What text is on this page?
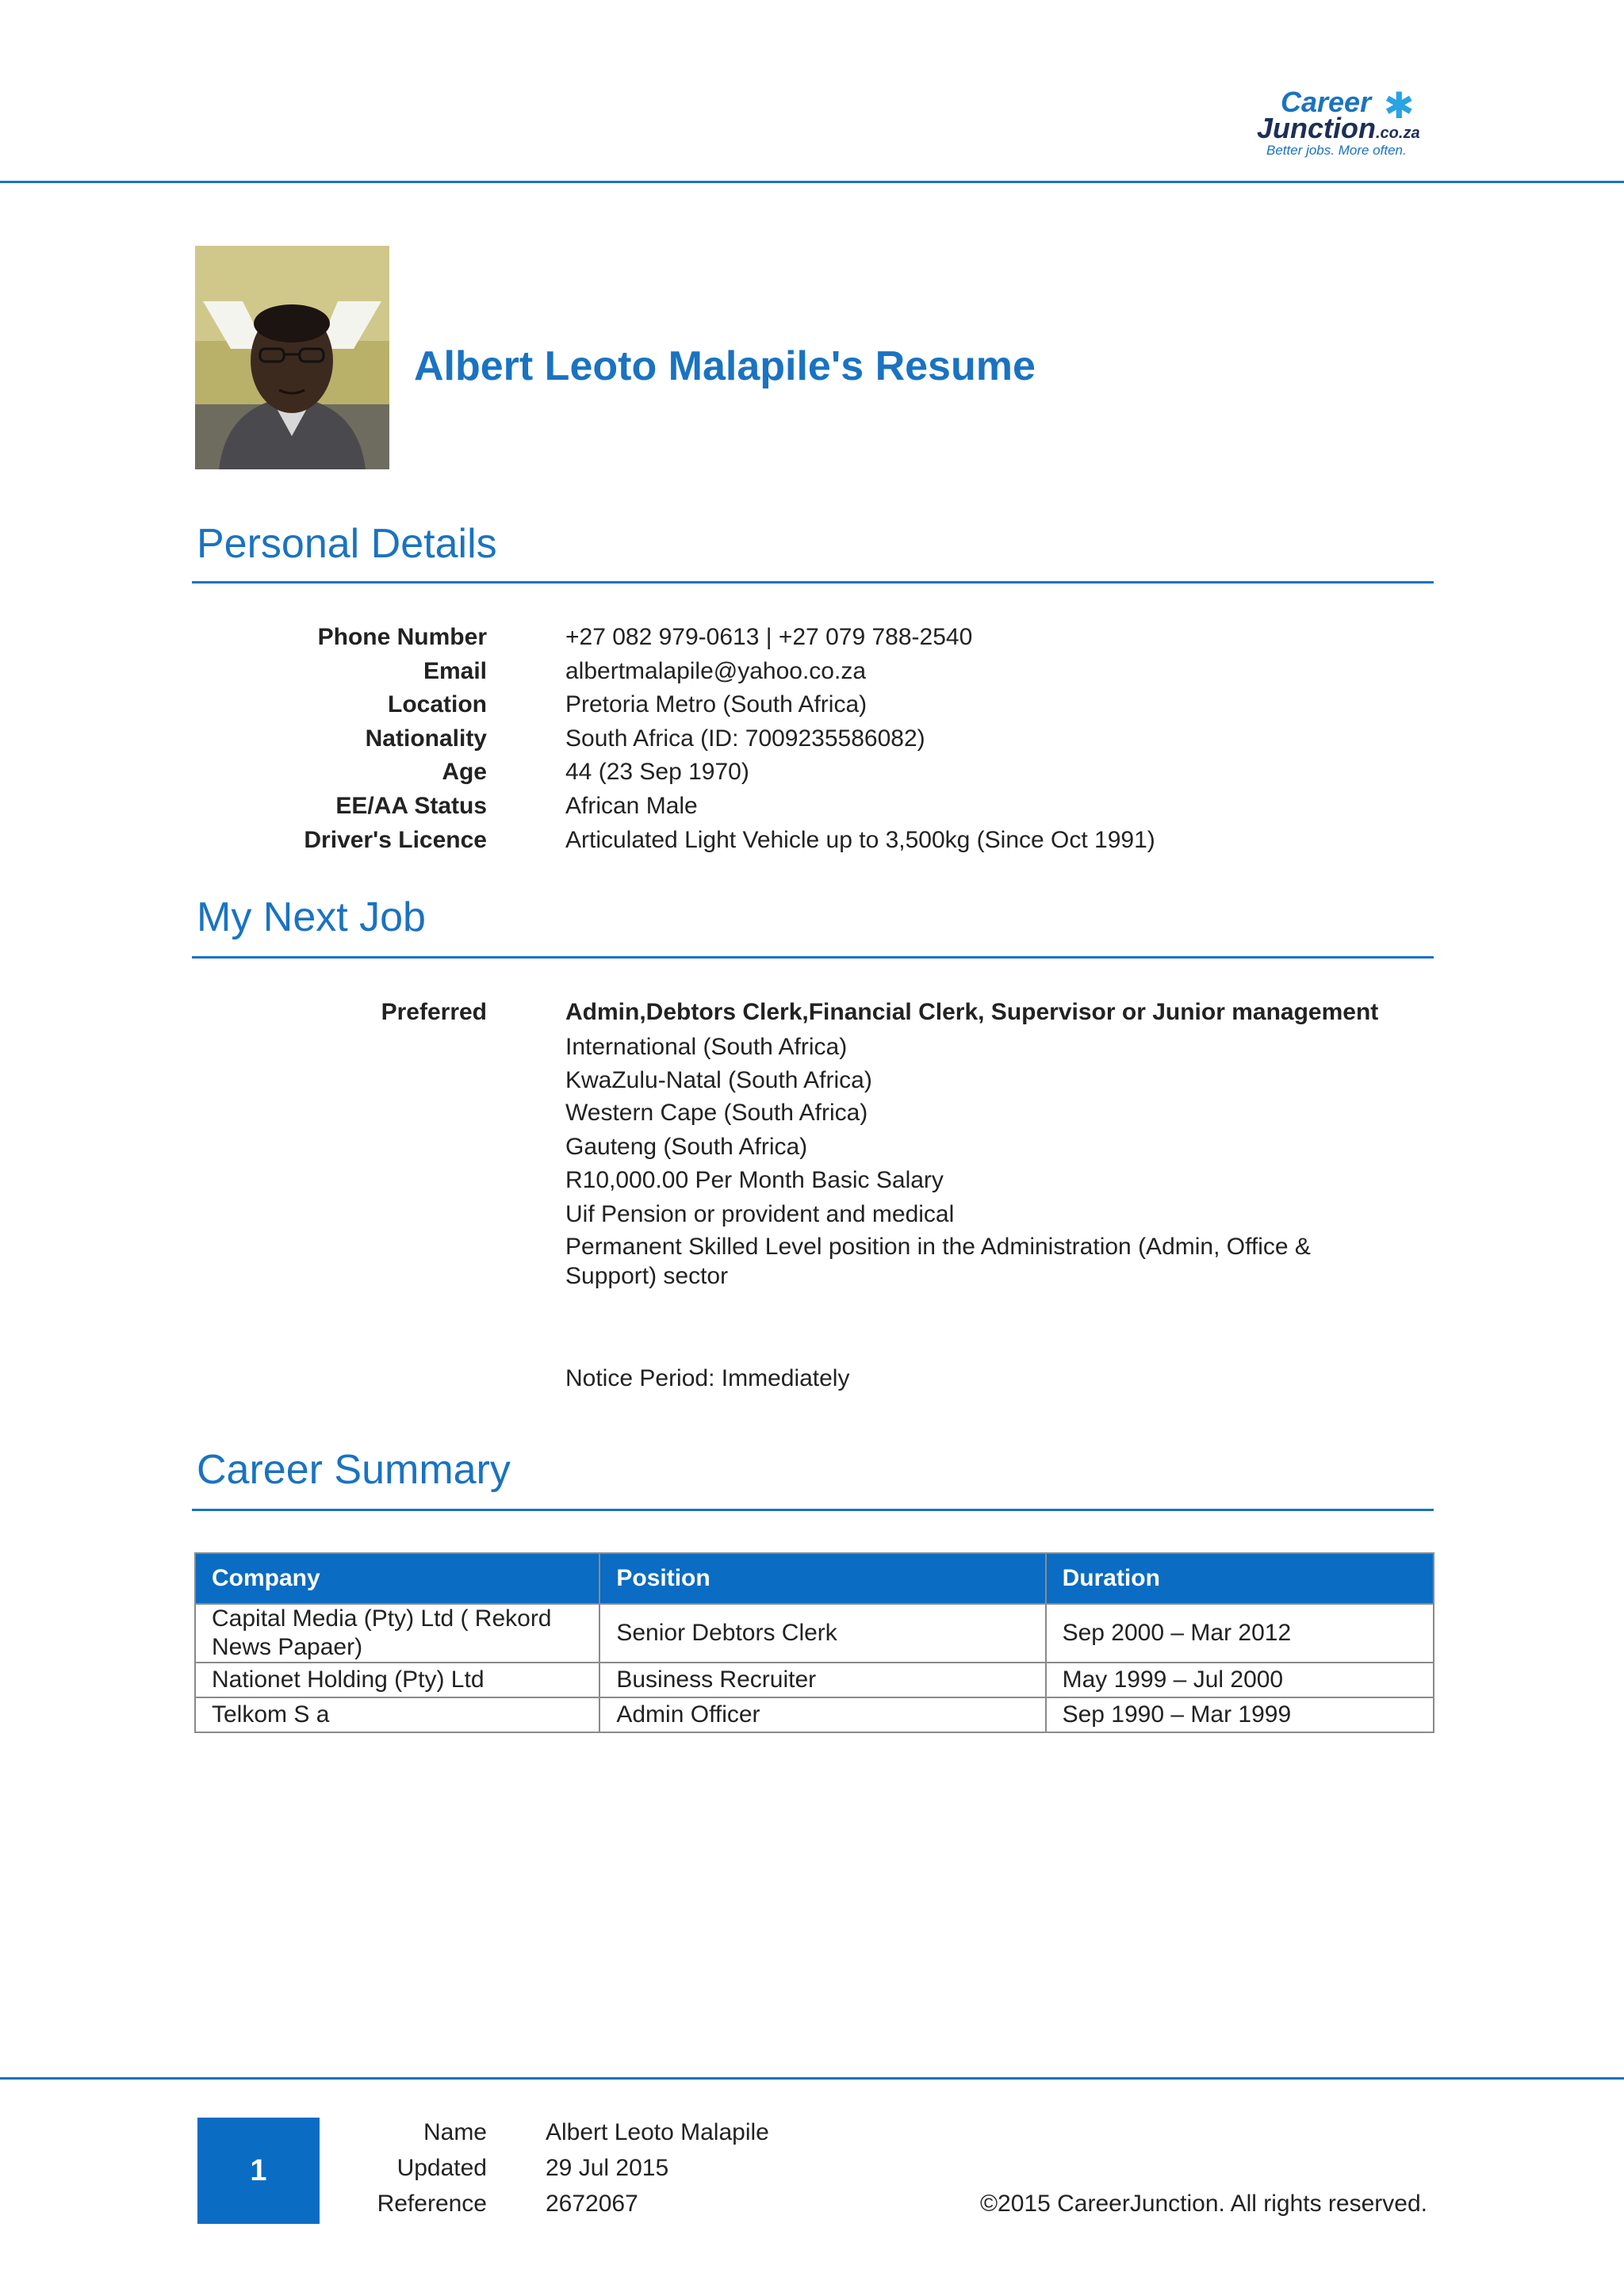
Career ✱
Junction.co.za
Better jobs. More often.
Albert Leoto Malapile's Resume
Personal Details
Phone Number	+27 082 979-0613 | +27 079 788-2540
Email	albertmalapile@yahoo.co.za
Location	Pretoria Metro (South Africa)
Nationality	South Africa (ID: 7009235586082)
Age	44 (23 Sep 1970)
EE/AA Status	African Male
Driver's Licence	Articulated Light Vehicle up to 3,500kg (Since Oct 1991)
My Next Job
Preferred	Admin,Debtors Clerk,Financial Clerk, Supervisor or Junior management
International (South Africa)
KwaZulu-Natal (South Africa)
Western Cape (South Africa)
Gauteng (South Africa)
R10,000.00 Per Month Basic Salary
Uif Pension or provident and medical
Permanent Skilled Level position in the Administration (Admin, Office &
Support) sector
Notice Period: Immediately
Career Summary
Company	Position	Duration
Capital Media (Pty) Ltd ( Rekord
News Papaer)	Senior Debtors Clerk	Sep 2000 – Mar 2012
Nationet Holding (Pty) Ltd	Business Recruiter	May 1999 – Jul 2000
Telkom S a	Admin Officer	Sep 1990 – Mar 1999
1
Name Albert Leoto Malapile
Updated 29 Jul 2015
Reference 2672067	©2015 CareerJunction. All rights reserved.
